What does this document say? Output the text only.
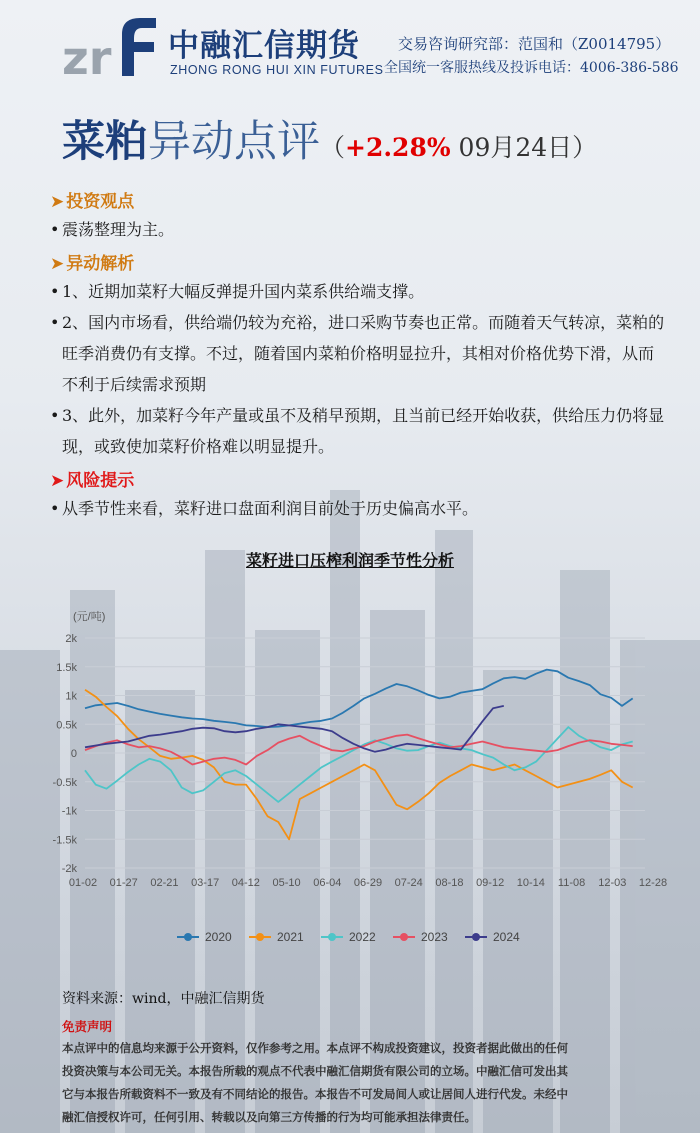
zr 中融汇信期货
ZHONG RONG HUI XIN FUTURES
交易咨询研究部：范国和（Z0014795）
全国统一客服热线及投诉电话：4006-386-586
菜粕异动点评（+2.28% 09月24日）
➤ 投资观点
• 震荡整理为主。
➤ 异动解析
• 1、近期加菜籽大幅反弹提升国内菜系供给端支撑。
• 2、国内市场看，供给端仍较为充裕，进口采购节奏也正常。而随着天气转凉，菜粕的旺季消费仍有支撑。不过，随着国内菜粕价格明显拉升，其相对价格优势下滑，从而不利于后续需求预期
• 3、此外，加菜籽今年产量或虽不及稍早预期，且当前已经开始收获，供给压力仍将显现，或致使加菜籽价格难以明显提升。
➤ 风险提示
• 从季节性来看，菜籽进口盘面利润目前处于历史偏高水平。
菜籽进口压榨利润季节性分析
(元/吨)
2k
1.5k
1k
0.5k
0
-0.5k
-1k
-1.5k
-2k
01-02 01-27 02-21 03-17 04-12 05-10 06-04 06-29 07-24 08-18 09-12 10-14 11-08 12-03 12-28
2020	2021	2022	2023	2024
资料来源：wind，中融汇信期货
免责声明
本点评中的信息均来源于公开资料，仅作参考之用。本点评不构成投资建议，投资者据此做出的任何
投资决策与本公司无关。本报告所载的观点不代表中融汇信期货有限公司的立场。中融汇信可发出其
它与本报告所载资料不一致及有不同结论的报告。本报告不可发局间人或让居间人进行代发。未经中
融汇信授权许可，任何引用、转载以及向第三方传播的行为均可能承担法律责任。
